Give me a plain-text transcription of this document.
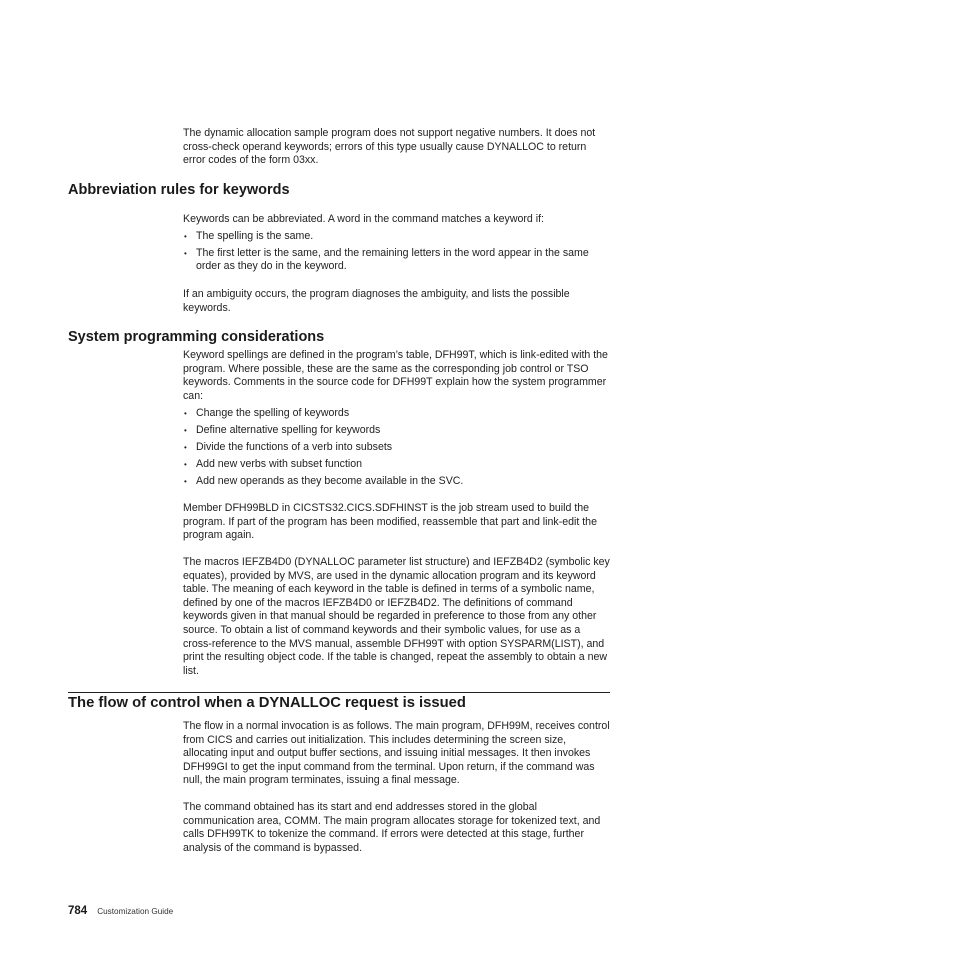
The dynamic allocation sample program does not support negative numbers. It does not cross-check operand keywords; errors of this type usually cause DYNALLOC to return error codes of the form 03xx.

Abbreviation rules for keywords

Keywords can be abbreviated. A word in the command matches a keyword if:

• The spelling is the same.
• The first letter is the same, and the remaining letters in the word appear in the same order as they do in the keyword.

If an ambiguity occurs, the program diagnoses the ambiguity, and lists the possible keywords.

System programming considerations

Keyword spellings are defined in the program’s table, DFH99T, which is link-edited with the program. Where possible, these are the same as the corresponding job control or TSO keywords. Comments in the source code for DFH99T explain how the system programmer can:

• Change the spelling of keywords
• Define alternative spelling for keywords
• Divide the functions of a verb into subsets
• Add new verbs with subset function
• Add new operands as they become available in the SVC.

Member DFH99BLD in CICSTS32.CICS.SDFHINST is the job stream used to build the program. If part of the program has been modified, reassemble that part and link-edit the program again.

The macros IEFZB4D0 (DYNALLOC parameter list structure) and IEFZB4D2 (symbolic key equates), provided by MVS, are used in the dynamic allocation program and its keyword table. The meaning of each keyword in the table is defined in terms of a symbolic name, defined by one of the macros IEFZB4D0 or IEFZB4D2. The definitions of command keywords given in that manual should be regarded in preference to those from any other source. To obtain a list of command keywords and their symbolic values, for use as a cross-reference to the MVS manual, assemble DFH99T with option SYSPARM(LIST), and print the resulting object code. If the table is changed, repeat the assembly to obtain a new list.

The flow of control when a DYNALLOC request is issued

The flow in a normal invocation is as follows. The main program, DFH99M, receives control from CICS and carries out initialization. This includes determining the screen size, allocating input and output buffer sections, and issuing initial messages. It then invokes DFH99GI to get the input command from the terminal. Upon return, if the command was null, the main program terminates, issuing a final message.

The command obtained has its start and end addresses stored in the global communication area, COMM. The main program allocates storage for tokenized text, and calls DFH99TK to tokenize the command. If errors were detected at this stage, further analysis of the command is bypassed.

784 Customization Guide
